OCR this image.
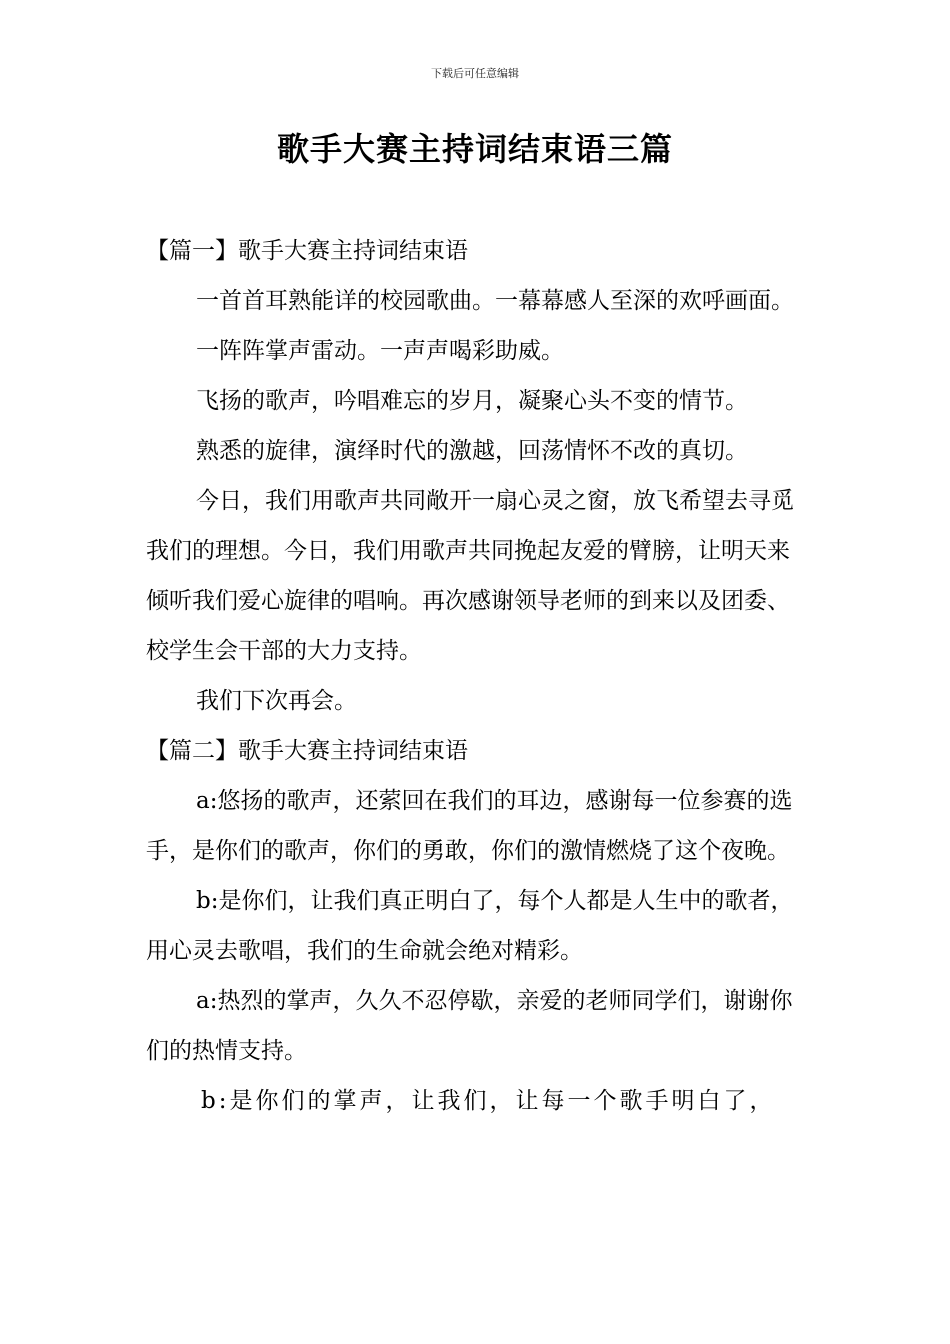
下载后可任意编辑
歌手大赛主持词结束语三篇

【篇一】歌手大赛主持词结束语

一首首耳熟能详的校园歌曲。一幕幕感人至深的欢呼画面。

一阵阵掌声雷动。一声声喝彩助威。

飞扬的歌声，吟唱难忘的岁月，凝聚心头不变的情节。

熟悉的旋律，演绎时代的激越，回荡情怀不改的真切。

今日，我们用歌声共同敞开一扇心灵之窗，放飞希望去寻觅我们的理想。今日，我们用歌声共同挽起友爱的臂膀，让明天来倾听我们爱心旋律的唱响。再次感谢领导老师的到来以及团委、校学生会干部的大力支持。

我们下次再会。

【篇二】歌手大赛主持词结束语

a:悠扬的歌声，还萦回在我们的耳边，感谢每一位参赛的选手，是你们的歌声，你们的勇敢，你们的激情燃烧了这个夜晚。

b:是你们，让我们真正明白了，每个人都是人生中的歌者，用心灵去歌唱，我们的生命就会绝对精彩。

a:热烈的掌声，久久不忍停歇，亲爱的老师同学们，谢谢你们的热情支持。

b:是你们的掌声，让我们，让每一个歌手明白了，
